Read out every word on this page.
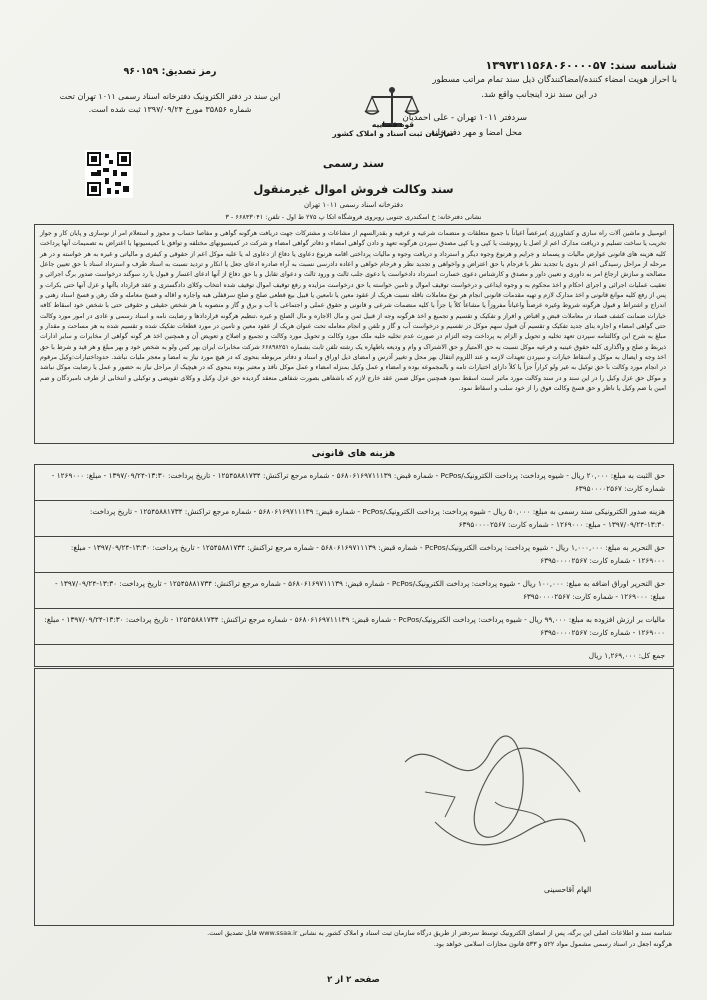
شناسه سند: ۱۳۹۷۳۱۱۵۶۸۰۶۰۰۰۰۵۷
با احراز هویت امضاء کننده/امضاکنندگان ذیل سند تمام مراتب مسطور
در این سند نزد اینجانب واقع شد.
سردفتر ۱۰۱۱ تهران - علی احمدیان
محل امضا و مهر دفترخانه
رمز تصدیق: ۹۶۰۱۵۹
این سند در دفتر الکترونیک دفترخانه اسناد رسمی ۱۰۱۱ تهران تحت
شماره ۳۵۸۵۶ مورخ ۱۳۹۷/۰۹/۲۴ ثبت شده است.
قوه قضاییه
سازمان ثبت اسناد و املاک کشور
سند رسمی
سند وکالت فروش اموال غیرمنقول
دفترخانه اسناد رسمی ۱۰۱۱ تهران
نشانی دفترخانه: خ اسکندری جنوبی روبروی فروشگاه اتکا پ ۲۷۵ ط اول - تلفن: ۶۶۸۴۳۰۴۱ - ۳
اتومبیل و ماشین آلات راه سازی و کشاورزی )مرعصاً اعیاناً با جمیع متعلقات و منضمات شرعیه و عرفیه و بقدرالسهم از مشاعات و مشترکات جهت دریافت هرگونه گواهی و مفاصا حساب و مجوز و استعلام امر از نوسازی و پایان کار و جواز تخریب یا ساخت تسلیم و دریافت مدارک اعم از اصل یا رونوشت یا کپی و یا کپی مصدق سپردن هرگونه تعهد و دادن گواهی امضاء و دفاتر گواهی امضاء و شرکت در کمیسیونهای مختلفه و توافق با کمیسیونها با اعتراض به تصمیمات آنها پرداخت کلیه هزینه های قانونی عوارض مالیات و پسماند و جرایم و هرنوع وجوه دیگر و استرداد و دریافت وجوه و مالیات پرداختی اقامه هرنوع دعاوی یا دفاع از دعاوی له یا علیه موکل اعم از حقوقی و کیفری و مالیاتی و غیره به هر خواسته و در هر مرحله از مراحل رسیدگی اعم از بدوی یا تجدید نظر با فرجام با حق اعتراض و واخواهی و تجدید نظر و فرجام خواهی و اعاده دادرسی نسبت به آراء صادره ادعای جعل یا انکار و تردید نسبت به اسناد طرف و استرداد اسناد با حق تعیین جاعل مصالحه و سازش ارجاع امر به داوری و تعیین داور و مصدق و کارشناس دعوی خسارت استرداد دادخواست یا دعوی جلب ثالث و ورود ثالث و دعوای تقابل و یا حق دفاع از آنها ادعای اعسار و قبول یا رد سوگند درخواست صدور برگ اجرائی و تعقیب عملیات اجرائی و اجرای احکام و اخذ محکوم به و وجوه ایداعی و درخواست توقیف اموال و تامین خواسته یا حق درخواست مزایده و رفع توقیف اموال توقیف شده انتخاب وکلای دادگستری و عقد قرارداد باآنها و عزل آنها حتی بکرات و پس از رفع کلیه موانع قانونی و اخذ مدارک لازم و تهیه مقدمات قانونی انجام هر نوع معاملات ناقله نسبت هریک از عقود معین یا نامعین یا قبیل بیع قطعی صلح و صلح سرقفلی هبه واجاره و اقاله و فسخ معامله و فک رهن و فسخ اسناد رهنی و اندراج و اشتراط و قبول هرگونه شروط وغیره عرصتاً واعیاناً مفروزاً یا مشاعاً کلاً یا جزاً با کلیه منضمات شرعی و قانونی و حقوق عملی و اجتماعی با آب و برق و گاز و منصوبه یا هر شخص حقیقی و حقوقی حتی با شخص خود اسقاط کافه خیارات ضمانت کشف فساد در معاملات قبض و اقباض و افراز و تفکیک و تقسیم و تجمیع و اخذ هرگونه وجه از قبیل ثمن و مال الاجاره و مال الصلح و غیره ،تنظیم هرگونه قراردادها و رضایت نامه و اسناد رسمی و عادی در امور مورد وکالت حتی گواهی امضاء و اجاره بنای جدید تفکیک و تقسیم آن قبول سهم موکل در تقسیم و درخواست آب و گاز و تلفن و انجام معامله تحت عنوان هریک از عقود معین و تامین در مورد قطعات تفکیک شده و تقسیم شده به هر مساحت و مقدار و مبلغ به شرح این وکالتنامه سپردن تعهد تخلیه و تحویل و الزام به پرداخت وجه التزام در صورت عدم تخلیه خلیه ملک مورد وکالت و تحویل مورد وکالت و تجمیع و اصلاح و تعویض آن و همچنین اخذ هر گونه گواهی از مخابرات و سایر ادارات ذیربط و صلح و واگذاری کلیه حقوق عینیه و فرعیه موکل نسبت به حق الامتیاز و حق الاشتراک و وام و ودیعه باطهاره یک رشته تلفن ثابت بشماره ۶۶۸۹۸۲۵۱ شرکت مخابرات ایران بهر کس ولو به شخص خود و بهر مبلغ و هر قید و شرط با حق اخذ وجه و ایصال به موکل و اسقاط خیارات و سپردن تعهدات لازمه و عند اللزوم انتقال بهر محل و تغییر آدرس و امضای ذیل اوراق و اسناد و دفاتر مربوطه بنحوی که در هیچ مورد نیاز به امضا و معجر ملیات نباشد. حدوداختیارات:وکیل مرقوم در انجام مورد وکالت با حق توکیل به غیر ولو کراراً جزاً یا کلاً دارای اختیارات تامه و بالمجموعه بوده و امضاء و عمل وکیل بمنزله امضاء و عمل موکل نافذ و معتبر بوده بنحوی که در هیچیک از مراحل نیاز به حضور و عمل یا رضایت موکل نباشد و موکل حق عزل وکیل را در این سند و در سند وکالت مورد ماتبر است اسقط نمود همچنین موکل ضمن عقد خارج لازم که باشفاهی بصورت شفاهی منعقد گردیده حق عزل وکیل و وکلای تفویضی و توکیلی و انتخابی از طرف نامبردگان و ضم امین یا ضم وکیل یا ناظر و حق فسخ وکالت فوق را از خود سلب و اسقاط نمود.
هزینه های قانونی
حق الثبت به مبلغ: ۲۰,۰۰۰ ریال - شیوه پرداخت: پرداخت الکترونیک/PcPos - شماره قبض: ۵۶۸۰۶۱۶۹۷۱۱۱۳۹ - شماره مرجع تراکنش: ۱۲۵۴۵۸۸۱۷۳۴ - تاریخ پرداخت: ۱۳:۳۰-۱۳۹۷/۰۹/۲۴ - مبلغ: ۱۲۶۹۰۰۰ - شماره کارت: ۶۳۹۵۰۰۰۰۲۵۶۷
هزینه صدور الکترونیکی سند رسمی به مبلغ: ۵۰,۰۰۰ ریال - شیوه پرداخت: پرداخت الکترونیک/PcPos - شماره قبض: ۵۶۸۰۶۱۶۹۷۱۱۱۳۹ - شماره مرجع تراکنش: ۱۲۵۴۵۸۸۱۷۳۴ - تاریخ پرداخت: ۱۳:۳۰-۱۳۹۷/۰۹/۲۴ - مبلغ: ۱۲۶۹۰۰۰ - شماره کارت: ۶۳۹۵۰۰۰۰۲۵۶۷
حق التحریر به مبلغ: ۱,۰۰۰,۰۰۰ ریال - شیوه پرداخت: پرداخت الکترونیک/PcPos - شماره قبض: ۵۶۸۰۶۱۶۹۷۱۱۱۳۹ - شماره مرجع تراکنش: ۱۲۵۴۵۸۸۱۷۳۴ - تاریخ پرداخت: ۱۳:۳۰-۱۳۹۷/۰۹/۲۴ - مبلغ: ۱۲۶۹۰۰۰ - شماره کارت: ۶۳۹۵۰۰۰۰۲۵۶۷
حق التحریر اوراق اضافه به مبلغ: ۱۰۰,۰۰۰ ریال - شیوه پرداخت: پرداخت الکترونیک/PcPos - شماره قبض: ۵۶۸۰۶۱۶۹۷۱۱۱۳۹ - شماره مرجع تراکنش: ۱۲۵۴۵۸۸۱۷۳۴ - تاریخ پرداخت: ۱۳:۳۰-۱۳۹۷/۰۹/۲۴ - مبلغ: ۱۲۶۹۰۰۰ - شماره کارت: ۶۳۹۵۰۰۰۰۲۵۶۷
مالیات بر ارزش افزوده به مبلغ: ۹۹,۰۰۰ ریال - شیوه پرداخت: پرداخت الکترونیک/PcPos - شماره قبض: ۵۶۸۰۶۱۶۹۷۱۱۱۳۹ - شماره مرجع تراکنش: ۱۲۵۴۵۸۸۱۷۳۴ - تاریخ پرداخت: ۱۳:۳۰-۱۳۹۷/۰۹/۲۴ - مبلغ: ۱۲۶۹۰۰۰ - شماره کارت: ۶۳۹۵۰۰۰۰۲۵۶۷
جمع کل: ۱,۲۶۹,۰۰۰ ریال
الهام آقاحسینی
شناسه سند و اطلاعات اصلی این برگه، پس از امضای الکترونیک توسط سردفتر از طریق درگاه سازمان ثبت اسناد و املاک کشور به نشانی www.ssaa.ir قابل تصدیق است.
هرگونه اجعل در اسناد رسمی مشمول مواد ۵۲۲ و ۵۳۳ قانون مجازات اسلامی خواهد بود.
صفحه ۲ از ۲
